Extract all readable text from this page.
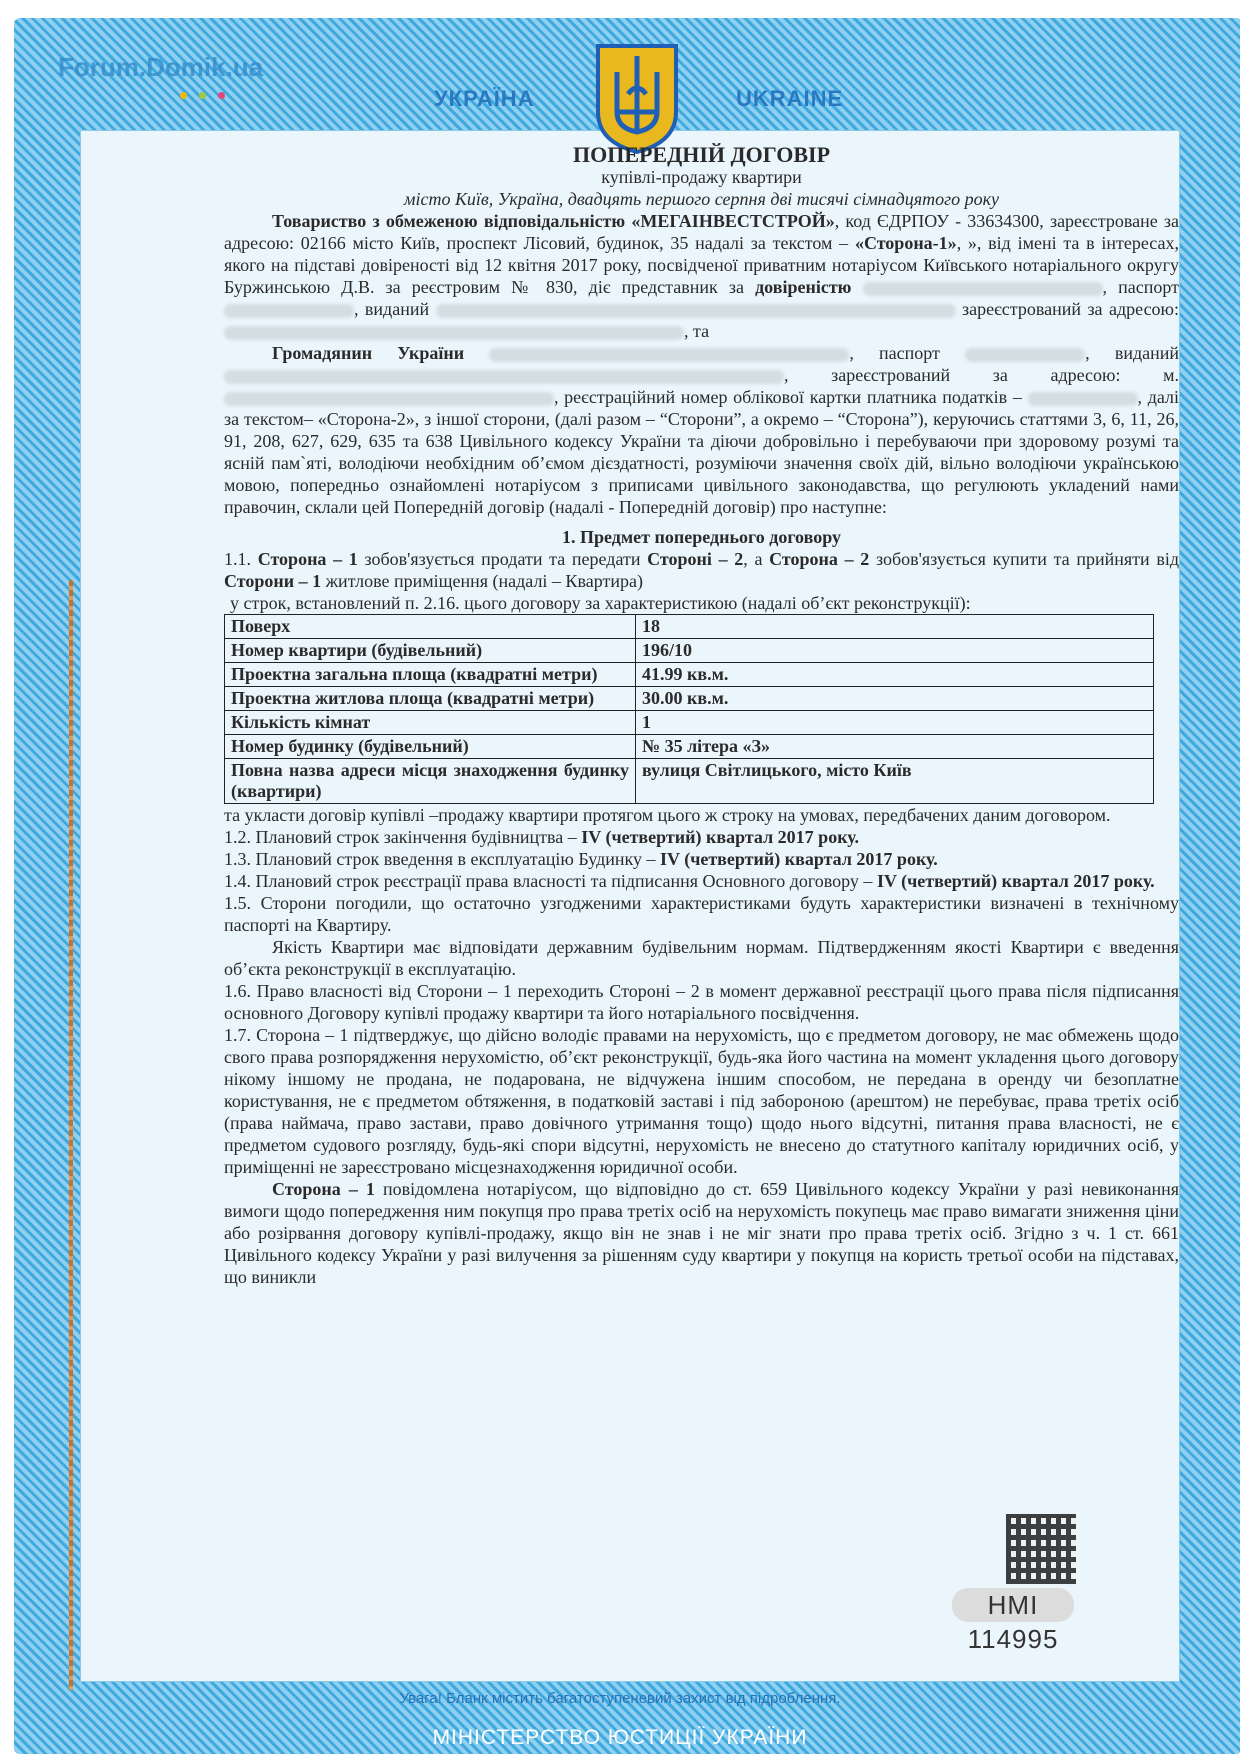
Forum.Domik.ua
УКРАЇНА	UKRAINE
ПОПЕРЕДНІЙ ДОГОВІР
купівлі-продажу квартири
місто Київ, Україна, двадцять першого серпня дві тисячі сімнадцятого року

Товариство з обмеженою відповідальністю «МЕГАІНВЕСТСТРОЙ», код ЄДРПОУ - 33634300, зареєстроване за адресою: 02166 місто Київ, проспект Лісовий, будинок, 35 надалі за текстом – «Сторона-1», », від імені та в інтересах, якого на підставі довіреності від 12 квітня 2017 року, посвідченої приватним нотаріусом Київського нотаріального округу Буржинською Д.В. за реєстровим № 830, діє представник за довіреністю	, паспорт , виданий	зареєстрований за адресою: , та

Громадянин України	, паспорт	, виданий , зареєстрований за адресою: м. , реєстраційний номер облікової картки платника податків –	, далі за текстом– «Сторона-2», з іншої сторони, (далі разом – “Сторони”, а окремо – “Сторона”), керуючись статтями 3, 6, 11, 26, 91, 208, 627, 629, 635 та 638 Цивільного кодексу України та діючи добровільно і перебуваючи при здоровому розумі та ясній пам`яті, володіючи необхідним об’ємом дієздатності, розуміючи значення своїх дій, вільно володіючи українською мовою, попередньо ознайомлені нотаріусом з приписами цивільного законодавства, що регулюють укладений нами правочин, склали цей Попередній договір (надалі - Попередній договір) про наступне:

1. Предмет попереднього договору

1.1. Сторона – 1 зобов'язується продати та передати Стороні – 2, а Сторона – 2 зобов'язується купити та прийняти від Сторони – 1 житлове приміщення (надалі – Квартира)

у строк, встановлений п. 2.16. цього договору за характеристикою (надалі об’єкт реконструкції):

Поверх	18
Номер квартири (будівельний)	196/10
Проектна загальна площа (квадратні метри)	41.99 кв.м.
Проектна житлова площа (квадратні метри)	30.00 кв.м.
Кількість кімнат	1
Номер будинку (будівельний)	№ 35 літера «З»
Повна назва адреси місця знаходження будинку (квартири)	вулиця Світлицького, місто Київ

та укласти договір купівлі –продажу квартири протягом цього ж строку на умовах, передбачених даним договором.

1.2. Плановий строк закінчення будівництва – IV (четвертий) квартал 2017 року.

1.3. Плановий строк введення в експлуатацію Будинку – IV (четвертий) квартал 2017 року.

1.4. Плановий строк реєстрації права власності та підписання Основного договору – IV (четвертий) квартал 2017 року.

1.5. Сторони погодили, що остаточно узгодженими характеристиками будуть характеристики визначені в технічному паспорті на Квартиру.

Якість Квартири має відповідати державним будівельним нормам. Підтвердженням якості Квартири є введення об’єкта реконструкції в експлуатацію.

1.6. Право власності від Сторони – 1 переходить Стороні – 2 в момент державної реєстрації цього права після підписання основного Договору купівлі продажу квартири та його нотаріального посвідчення.

1.7. Сторона – 1 підтверджує, що дійсно володіє правами на нерухомість, що є предметом договору, не має обмежень щодо свого права розпорядження нерухомістю, об’єкт реконструкції, будь-яка його частина на момент укладення цього договору нікому іншому не продана, не подарована, не відчужена іншим способом, не передана в оренду чи безоплатне користування, не є предметом обтяження, в податковій заставі і під забороною (арештом) не перебуває, права третіх осіб (права наймача, право застави, право довічного утримання тощо) щодо нього відсутні, питання права власності, не є предметом судового розгляду, будь-які спори відсутні, нерухомість не внесено до статутного капіталу юридичних осіб, у приміщенні не зареєстровано місцезнаходження юридичної особи.

Сторона – 1 повідомлена нотаріусом, що відповідно до ст. 659 Цивільного кодексу України у разі невиконання вимоги щодо попередження ним покупця про права третіх осіб на нерухомість покупець має право вимагати зниження ціни або розірвання договору купівлі-продажу, якщо він не знав і не міг знати про права третіх осіб. Згідно з ч. 1 ст. 661 Цивільного кодексу України у разі вилучення за рішенням суду квартири у покупця на користь третьої особи на підставах, що виникли

НМІ 114995
Увага! Бланк містить багатоступеневий захист від підроблення.
МІНІСТЕРСТВО ЮСТИЦІЇ УКРАЇНИ
